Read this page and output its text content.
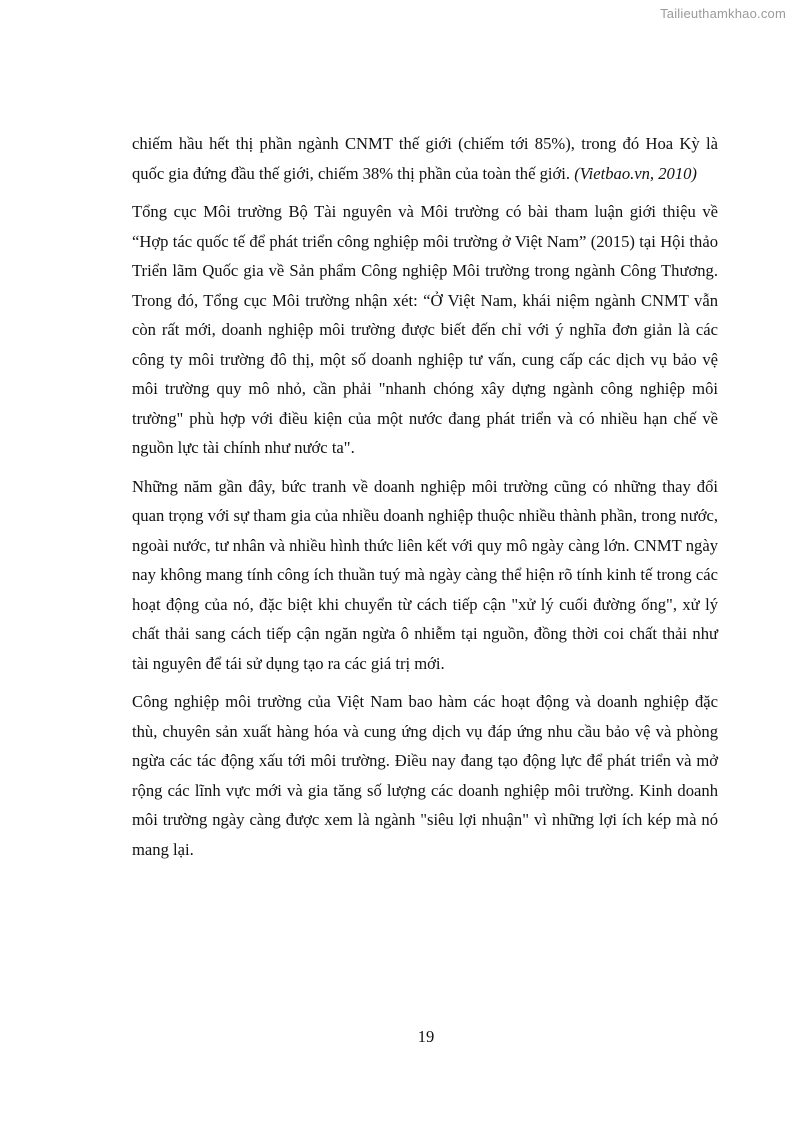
Tailieuthamkhao.com

chiếm hầu hết thị phần ngành CNMT thế giới (chiếm tới 85%), trong đó Hoa Kỳ là quốc gia đứng đầu thế giới, chiếm 38% thị phần của toàn thế giới. (Vietbao.vn, 2010)

Tổng cục Môi trường Bộ Tài nguyên và Môi trường có bài tham luận giới thiệu về “Hợp tác quốc tế để phát triển công nghiệp môi trường ở Việt Nam” (2015) tại Hội thảo Triển lãm Quốc gia về Sản phẩm Công nghiệp Môi trường trong ngành Công Thương. Trong đó, Tổng cục Môi trường nhận xét: “Ở Việt Nam, khái niệm ngành CNMT vẫn còn rất mới, doanh nghiệp môi trường được biết đến chỉ với ý nghĩa đơn giản là các công ty môi trường đô thị, một số doanh nghiệp tư vấn, cung cấp các dịch vụ bảo vệ môi trường quy mô nhỏ, cần phải "nhanh chóng xây dựng ngành công nghiệp môi trường" phù hợp với điều kiện của một nước đang phát triển và có nhiều hạn chế về nguồn lực tài chính như nước ta".

Những năm gần đây, bức tranh về doanh nghiệp môi trường cũng có những thay đổi quan trọng với sự tham gia của nhiều doanh nghiệp thuộc nhiều thành phần, trong nước, ngoài nước, tư nhân và nhiều hình thức liên kết với quy mô ngày càng lớn. CNMT ngày nay không mang tính công ích thuần tuý mà ngày càng thể hiện rõ tính kinh tế trong các hoạt động của nó, đặc biệt khi chuyển từ cách tiếp cận "xử lý cuối đường ống", xử lý chất thải sang cách tiếp cận ngăn ngừa ô nhiễm tại nguồn, đồng thời coi chất thải như tài nguyên để tái sử dụng tạo ra các giá trị mới.

Công nghiệp môi trường của Việt Nam bao hàm các hoạt động và doanh nghiệp đặc thù, chuyên sản xuất hàng hóa và cung ứng dịch vụ đáp ứng nhu cầu bảo vệ và phòng ngừa các tác động xấu tới môi trường. Điều nay đang tạo động lực để phát triển và mở rộng các lĩnh vực mới và gia tăng số lượng các doanh nghiệp môi trường. Kinh doanh môi trường ngày càng được xem là ngành "siêu lợi nhuận" vì những lợi ích kép mà nó mang lại.

19
